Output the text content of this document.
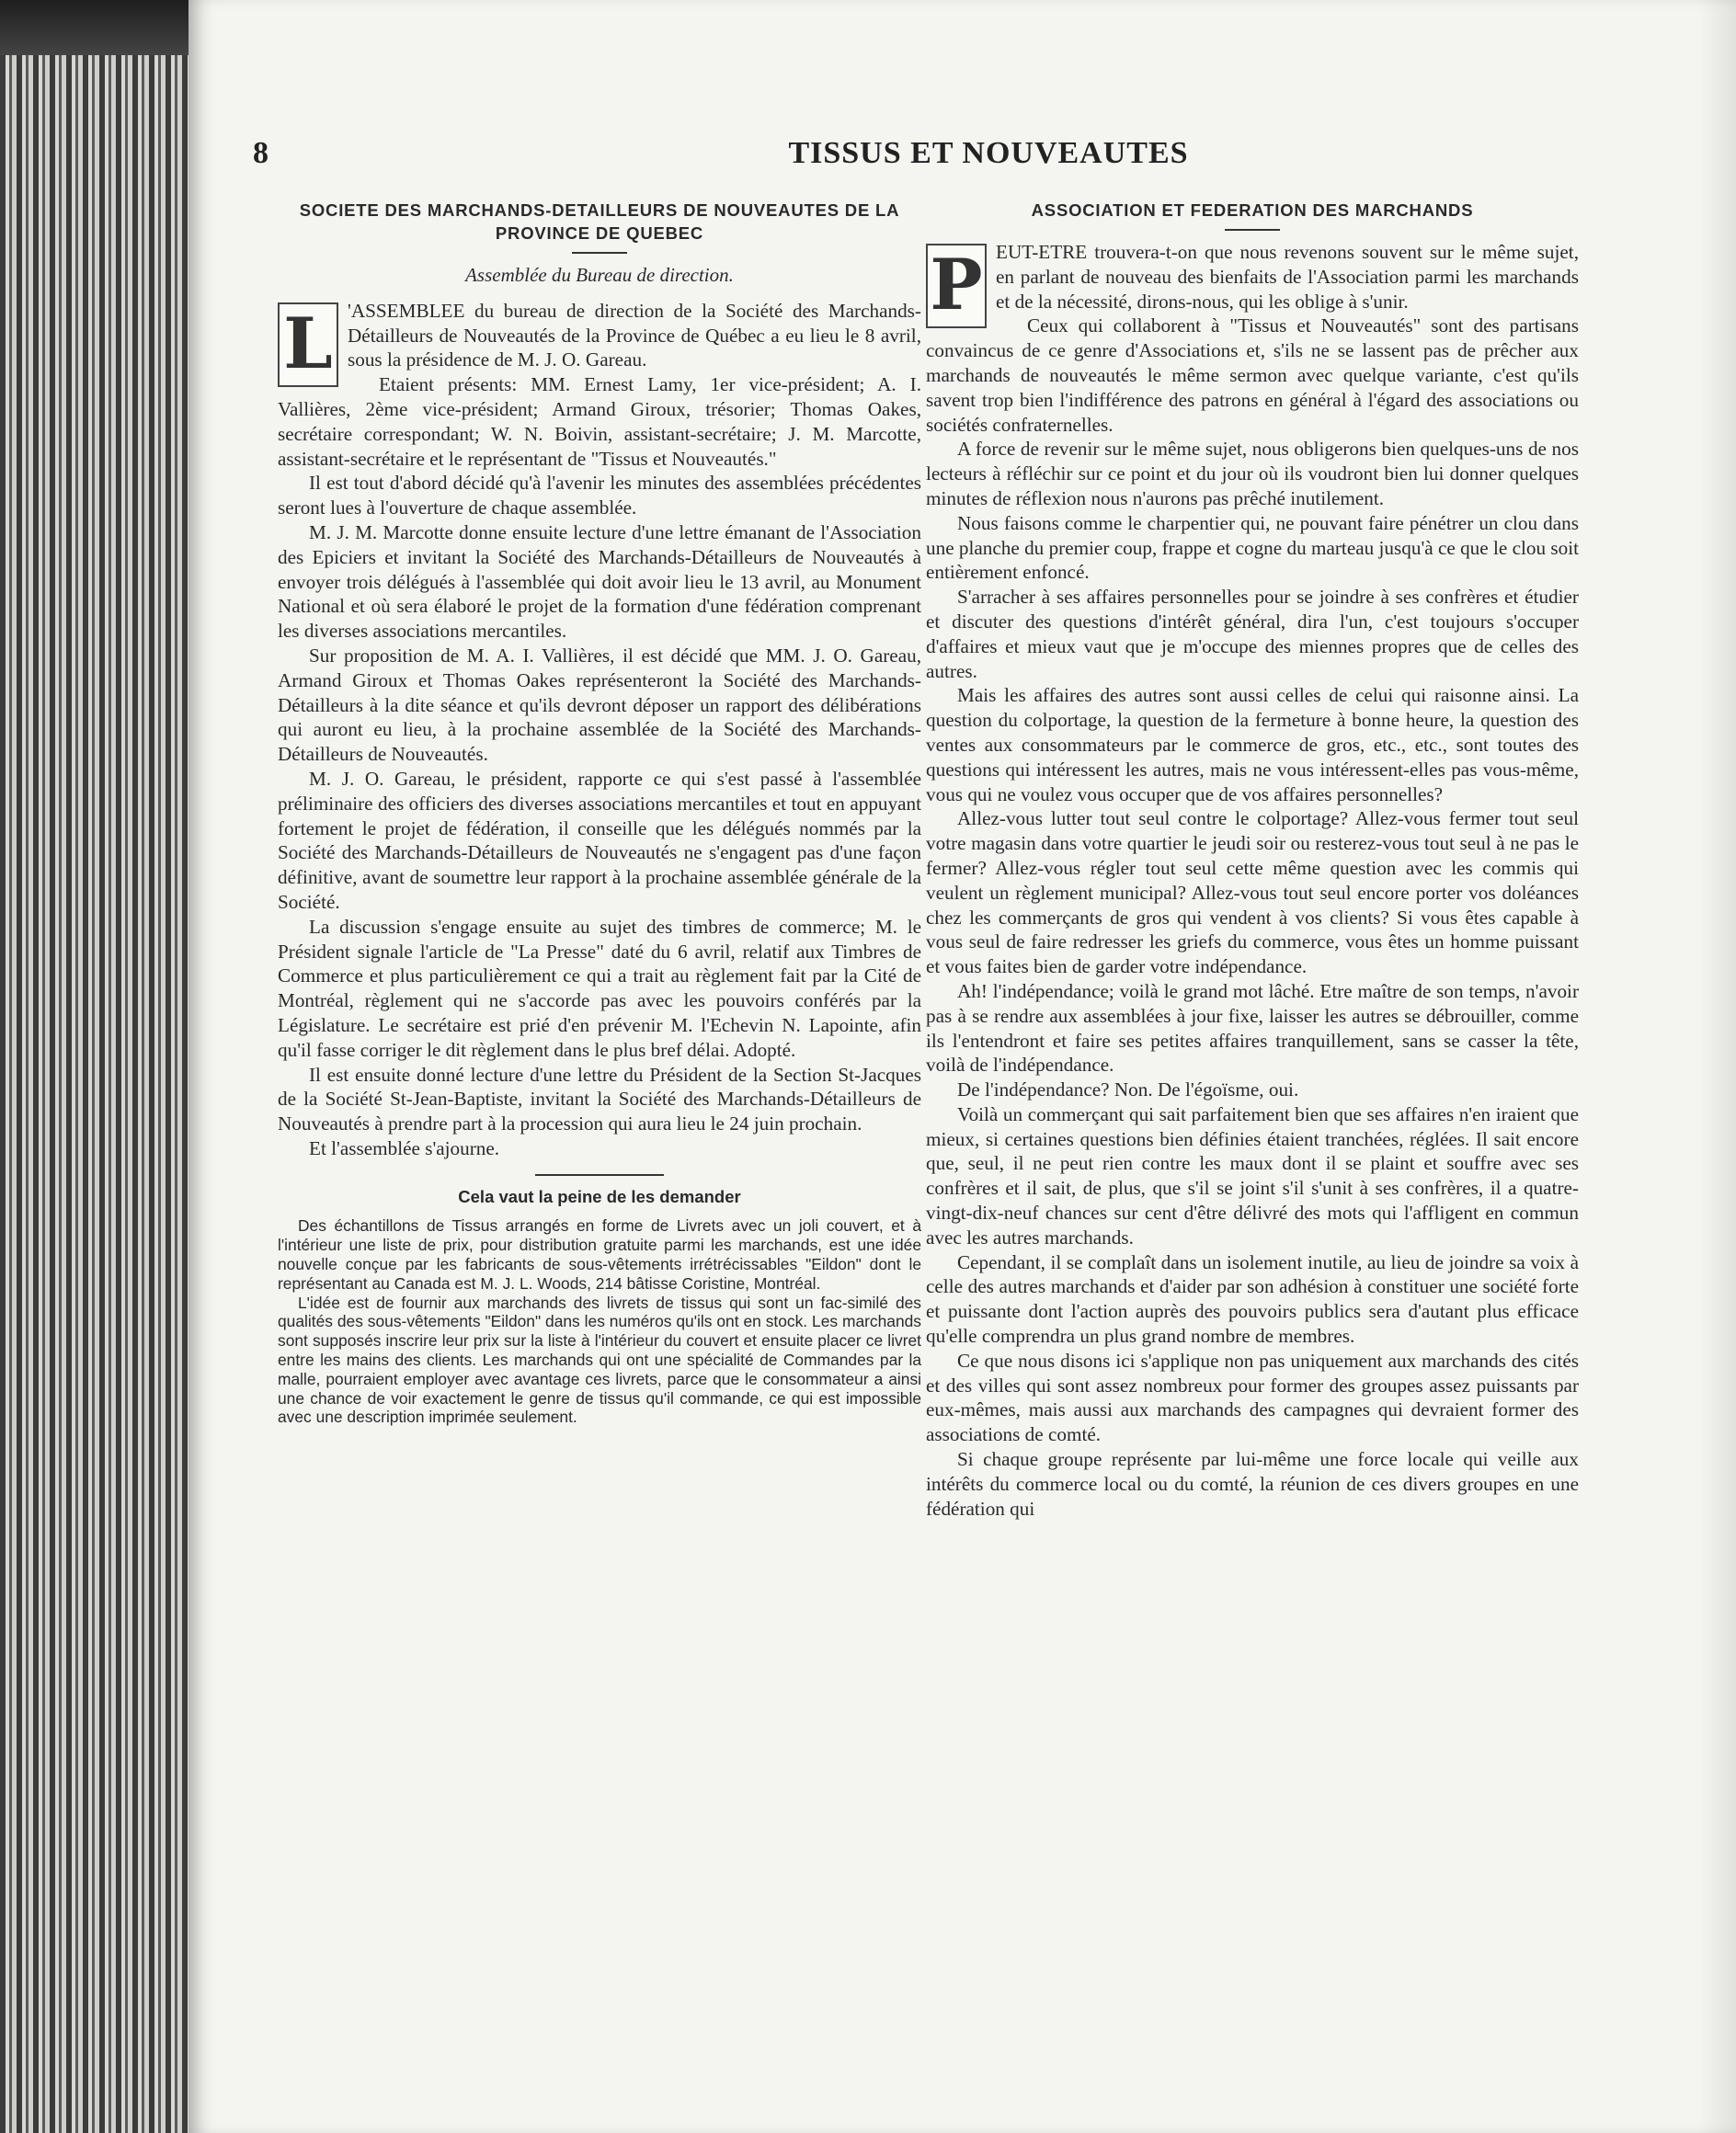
8	TISSUS ET NOUVEAUTES
SOCIETE DES MARCHANDS-DETAILLEURS DE NOUVEAUTES DE LA PROVINCE DE QUEBEC
Assemblée du Bureau de direction.
L 'ASSEMBLEE du bureau de direction de la Société des Marchands-Détailleurs de Nouveautés de la Province de Québec a eu lieu le 8 avril, sous la présidence de M. J. O. Gareau.

Etaient présents: MM. Ernest Lamy, 1er vice-président; A. I. Vallières, 2ème vice-président; Armand Giroux, trésorier; Thomas Oakes, secrétaire correspondant; W. N. Boivin, assistant-secrétaire; J. M. Marcotte, assistant-secrétaire et le représentant de "Tissus et Nouveautés."

Il est tout d'abord décidé qu'à l'avenir les minutes des assemblées précédentes seront lues à l'ouverture de chaque assemblée.

M. J. M. Marcotte donne ensuite lecture d'une lettre émanant de l'Association des Epiciers et invitant la Société des Marchands-Détailleurs de Nouveautés à envoyer trois délégués à l'assemblée qui doit avoir lieu le 13 avril, au Monument National et où sera élaboré le projet de la formation d'une fédération comprenant les diverses associations mercantiles.

Sur proposition de M. A. I. Vallières, il est décidé que MM. J. O. Gareau, Armand Giroux et Thomas Oakes représenteront la Société des Marchands-Détailleurs à la dite séance et qu'ils devront déposer un rapport des délibérations qui auront eu lieu, à la prochaine assemblée de la Société des Marchands-Détailleurs de Nouveautés.

M. J. O. Gareau, le président, rapporte ce qui s'est passé à l'assemblée préliminaire des officiers des diverses associations mercantiles et tout en appuyant fortement le projet de fédération, il conseille que les délégués nommés par la Société des Marchands-Détailleurs de Nouveautés ne s'engagent pas d'une façon définitive, avant de soumettre leur rapport à la prochaine assemblée générale de la Société.

La discussion s'engage ensuite au sujet des timbres de commerce; M. le Président signale l'article de "La Presse" daté du 6 avril, relatif aux Timbres de Commerce et plus particulièrement ce qui a trait au règlement fait par la Cité de Montréal, règlement qui ne s'accorde pas avec les pouvoirs conférés par la Législature. Le secrétaire est prié d'en prévenir M. l'Echevin N. Lapointe, afin qu'il fasse corriger le dit règlement dans le plus bref délai. Adopté.

Il est ensuite donné lecture d'une lettre du Président de la Section St-Jacques de la Société St-Jean-Baptiste, invitant la Société des Marchands-Détailleurs de Nouveautés à prendre part à la procession qui aura lieu le 24 juin prochain.

Et l'assemblée s'ajourne.

Cela vaut la peine de les demander

Des échantillons de Tissus arrangés en forme de Livrets avec un joli couvert, et à l'intérieur une liste de prix, pour distribution gratuite parmi les marchands, est une idée nouvelle conçue par les fabricants de sous-vêtements irrétrécissables "Eildon" dont le représentant au Canada est M. J. L. Woods, 214 bâtisse Coristine, Montréal.

L'idée est de fournir aux marchands des livrets de tissus qui sont un fac-similé des qualités des sous-vêtements "Eildon" dans les numéros qu'ils ont en stock. Les marchands sont supposés inscrire leur prix sur la liste à l'intérieur du couvert et ensuite placer ce livret entre les mains des clients. Les marchands qui ont une spécialité de Commandes par la malle, pourraient employer avec avantage ces livrets, parce que le consommateur a ainsi une chance de voir exactement le genre de tissus qu'il commande, ce qui est impossible avec une description imprimée seulement.

ASSOCIATION ET FEDERATION DES MARCHANDS
P EUT-ETRE trouvera-t-on que nous revenons souvent sur le même sujet, en parlant de nouveau des bienfaits de l'Association parmi les marchands et de la nécessité, dirons-nous, qui les oblige à s'unir.

Ceux qui collaborent à "Tissus et Nouveautés" sont des partisans convaincus de ce genre d'Associations et, s'ils ne se lassent pas de prêcher aux marchands de nouveautés le même sermon avec quelque variante, c'est qu'ils savent trop bien l'indifférence des patrons en général à l'égard des associations ou sociétés confraternelles.

A force de revenir sur le même sujet, nous obligerons bien quelques-uns de nos lecteurs à réfléchir sur ce point et du jour où ils voudront bien lui donner quelques minutes de réflexion nous n'aurons pas prêché inutilement.

Nous faisons comme le charpentier qui, ne pouvant faire pénétrer un clou dans une planche du premier coup, frappe et cogne du marteau jusqu'à ce que le clou soit entièrement enfoncé.

S'arracher à ses affaires personnelles pour se joindre à ses confrères et étudier et discuter des questions d'intérêt général, dira l'un, c'est toujours s'occuper d'affaires et mieux vaut que je m'occupe des miennes propres que de celles des autres.

Mais les affaires des autres sont aussi celles de celui qui raisonne ainsi. La question du colportage, la question de la fermeture à bonne heure, la question des ventes aux consommateurs par le commerce de gros, etc., etc., sont toutes des questions qui intéressent les autres, mais ne vous intéressent-elles pas vous-même, vous qui ne voulez vous occuper que de vos affaires personnelles?

Allez-vous lutter tout seul contre le colportage? Allez-vous fermer tout seul votre magasin dans votre quartier le jeudi soir ou resterez-vous tout seul à ne pas le fermer? Allez-vous régler tout seul cette même question avec les commis qui veulent un règlement municipal? Allez-vous tout seul encore porter vos doléances chez les commerçants de gros qui vendent à vos clients? Si vous êtes capable à vous seul de faire redresser les griefs du commerce, vous êtes un homme puissant et vous faites bien de garder votre indépendance.

Ah! l'indépendance; voilà le grand mot lâché. Etre maître de son temps, n'avoir pas à se rendre aux assemblées à jour fixe, laisser les autres se débrouiller, comme ils l'entendront et faire ses petites affaires tranquillement, sans se casser la tête, voilà de l'indépendance.

De l'indépendance? Non. De l'égoïsme, oui.

Voilà un commerçant qui sait parfaitement bien que ses affaires n'en iraient que mieux, si certaines questions bien définies étaient tranchées, réglées. Il sait encore que, seul, il ne peut rien contre les maux dont il se plaint et souffre avec ses confrères et il sait, de plus, que s'il se joint s'il s'unit à ses confrères, il a quatre-vingt-dix-neuf chances sur cent d'être délivré des mots qui l'affligent en commun avec les autres marchands.

Cependant, il se complaît dans un isolement inutile, au lieu de joindre sa voix à celle des autres marchands et d'aider par son adhésion à constituer une société forte et puissante dont l'action auprès des pouvoirs publics sera d'autant plus efficace qu'elle comprendra un plus grand nombre de membres.

Ce que nous disons ici s'applique non pas uniquement aux marchands des cités et des villes qui sont assez nombreux pour former des groupes assez puissants par eux-mêmes, mais aussi aux marchands des campagnes qui devraient former des associations de comté.

Si chaque groupe représente par lui-même une force locale qui veille aux intérêts du commerce local ou du comté, la réunion de ces divers groupes en une fédération qui
